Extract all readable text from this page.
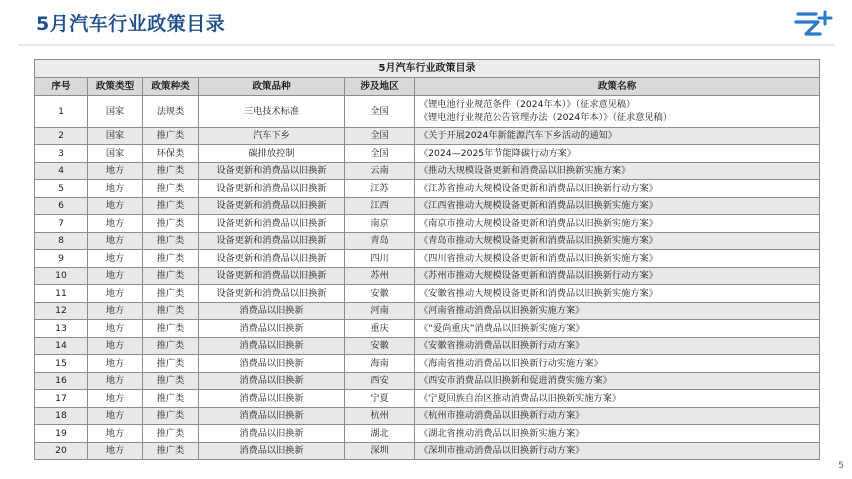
5月汽车行业政策目录
5月汽车行业政策目录					
序号	政策类型	政策种类	政策品种	涉及地区	政策名称
1	国家	法规类	三电技术标准	全国	《锂电池行业规范条件（2024年本）》（征求意见稿）
《锂电池行业规范公告管理办法（2024年本）》（征求意见稿）

2	国家	推广类	汽车下乡	全国	《关于开展2024年新能源汽车下乡活动的通知》
3	国家	环保类	碳排放控制	全国	《2024—2025年节能降碳行动方案》
4	地方	推广类	设备更新和消费品以旧换新	云南	《推动大规模设备更新和消费品以旧换新实施方案》
5	地方	推广类	设备更新和消费品以旧换新	江苏	《江苏省推动大规模设备更新和消费品以旧换新行动方案》
6	地方	推广类	设备更新和消费品以旧换新	江西	《江西省推动大规模设备更新和消费品以旧换新实施方案》
7	地方	推广类	设备更新和消费品以旧换新	南京	《南京市推动大规模设备更新和消费品以旧换新实施方案》
8	地方	推广类	设备更新和消费品以旧换新	青岛	《青岛市推动大规模设备更新和消费品以旧换新实施方案》
9	地方	推广类	设备更新和消费品以旧换新	四川	《四川省推动大规模设备更新和消费品以旧换新实施方案》
10	地方	推广类	设备更新和消费品以旧换新	苏州	《苏州市推动大规模设备更新和消费品以旧换新行动方案》
11	地方	推广类	设备更新和消费品以旧换新	安徽	《安徽省推动大规模设备更新和消费品以旧换新实施方案》
12	地方	推广类	消费品以旧换新	河南	《河南省推动消费品以旧换新实施方案》
13	地方	推广类	消费品以旧换新	重庆	《“爱尚重庆”消费品以旧换新实施方案》
14	地方	推广类	消费品以旧换新	安徽	《安徽省推动消费品以旧换新行动方案》
15	地方	推广类	消费品以旧换新	海南	《海南省推动消费品以旧换新行动实施方案》
16	地方	推广类	消费品以旧换新	西安	《西安市消费品以旧换新和促进消费实施方案》
17	地方	推广类	消费品以旧换新	宁夏	《宁夏回族自治区推动消费品以旧换新实施方案》
18	地方	推广类	消费品以旧换新	杭州	《杭州市推动消费品以旧换新行动方案》
19	地方	推广类	消费品以旧换新	湖北	《湖北省推动消费品以旧换新实施方案》
20	地方	推广类	消费品以旧换新	深圳	《深圳市推动消费品以旧换新行动方案》
5
